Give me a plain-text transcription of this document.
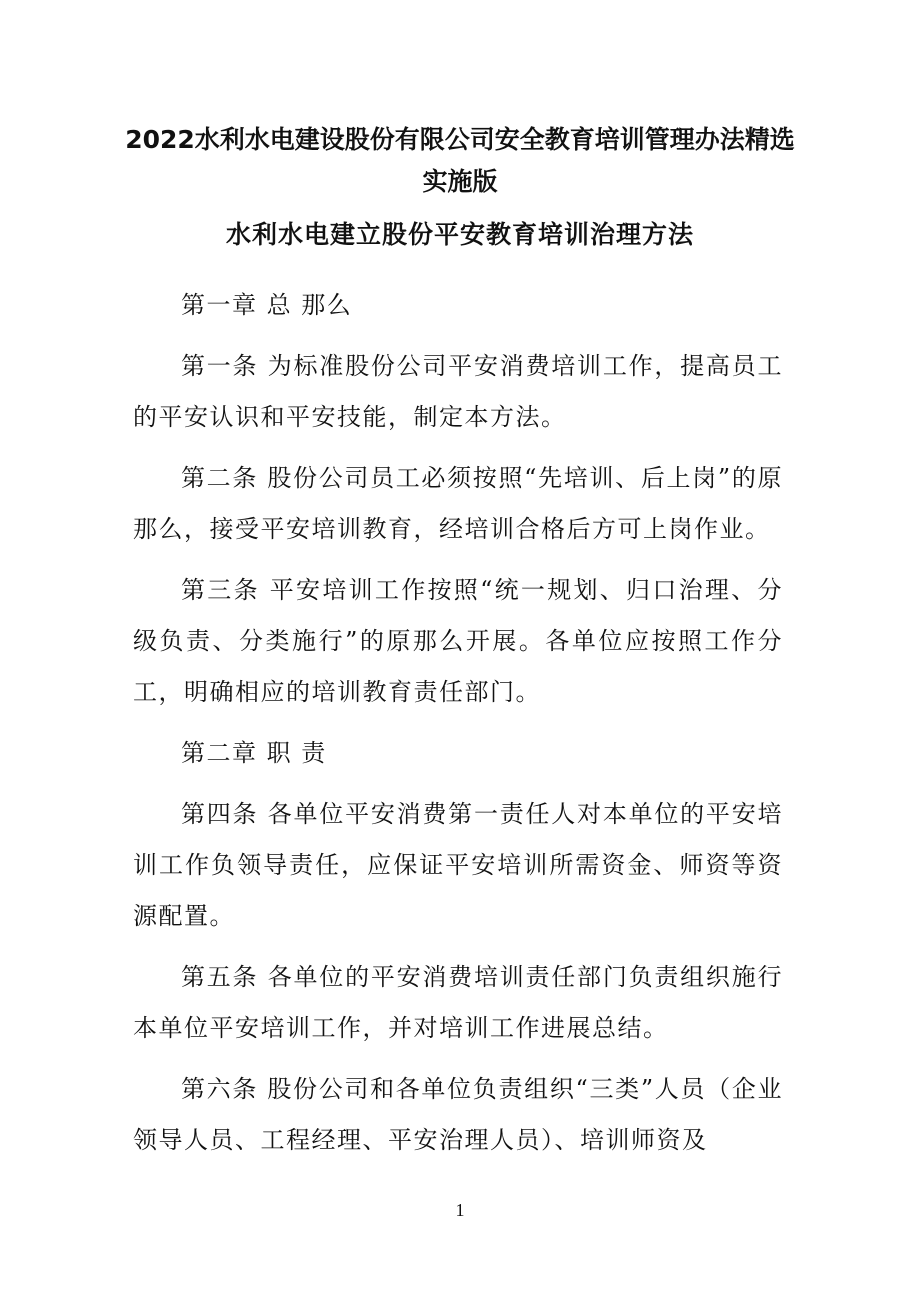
2022水利水电建设股份有限公司安全教育培训管理办法精选
实施版
水利水电建立股份平安教育培训治理方法

第一章 总 那么

第一条 为标准股份公司平安消费培训工作，提高员工的平安认识和平安技能，制定本方法。

第二条 股份公司员工必须按照“先培训、后上岗”的原那么，接受平安培训教育，经培训合格后方可上岗作业。

第三条 平安培训工作按照“统一规划、归口治理、分级负责、分类施行”的原那么开展。各单位应按照工作分工，明确相应的培训教育责任部门。

第二章 职 责

第四条 各单位平安消费第一责任人对本单位的平安培训工作负领导责任，应保证平安培训所需资金、师资等资源配置。

第五条 各单位的平安消费培训责任部门负责组织施行本单位平安培训工作，并对培训工作进展总结。

第六条 股份公司和各单位负责组织“三类”人员（企业领导人员、工程经理、平安治理人员）、培训师资及

1
